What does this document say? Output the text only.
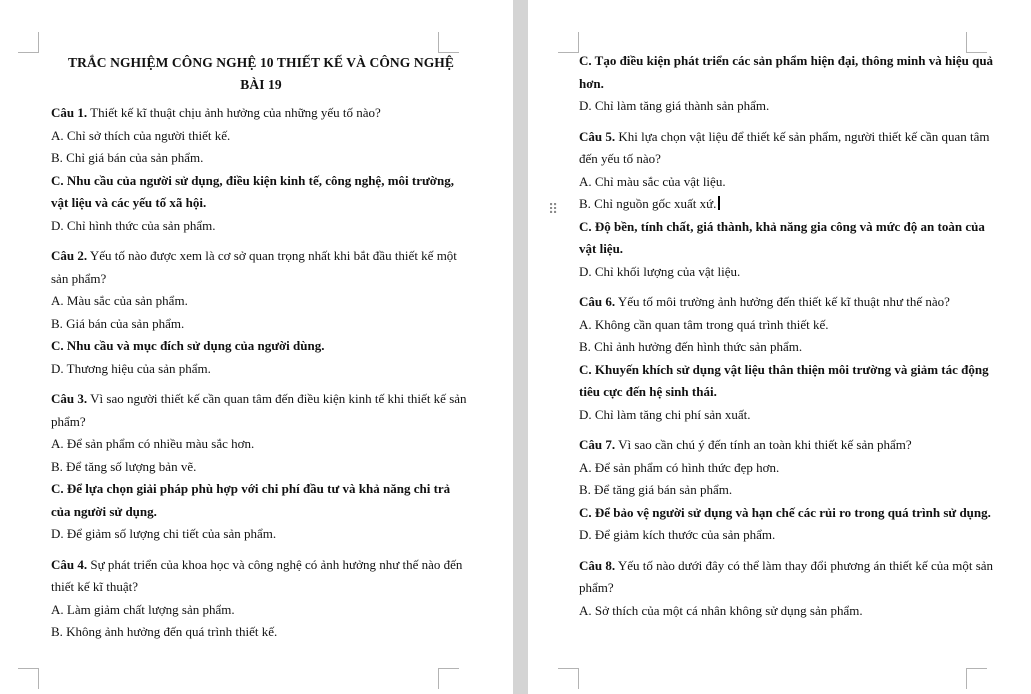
TRẮC NGHIỆM CÔNG NGHỆ 10 THIẾT KẾ VÀ CÔNG NGHỆ

BÀI 19

Câu 1. Thiết kế kĩ thuật chịu ảnh hưởng của những yếu tố nào?

A. Chỉ sở thích của người thiết kế.

B. Chỉ giá bán của sản phẩm.

C. Nhu cầu của người sử dụng, điều kiện kinh tế, công nghệ, môi trường, vật liệu và các yếu tố xã hội.

D. Chỉ hình thức của sản phẩm.

Câu 2. Yếu tố nào được xem là cơ sở quan trọng nhất khi bắt đầu thiết kế một sản phẩm?

A. Màu sắc của sản phẩm.

B. Giá bán của sản phẩm.

C. Nhu cầu và mục đích sử dụng của người dùng.

D. Thương hiệu của sản phẩm.

Câu 3. Vì sao người thiết kế cần quan tâm đến điều kiện kinh tế khi thiết kế sản phẩm?

A. Để sản phẩm có nhiều màu sắc hơn.

B. Để tăng số lượng bản vẽ.

C. Để lựa chọn giải pháp phù hợp với chi phí đầu tư và khả năng chi trả của người sử dụng.

D. Để giảm số lượng chi tiết của sản phẩm.

Câu 4. Sự phát triển của khoa học và công nghệ có ảnh hưởng như thế nào đến thiết kế kĩ thuật?

A. Làm giảm chất lượng sản phẩm.

B. Không ảnh hưởng đến quá trình thiết kế.

⠿

C. Tạo điều kiện phát triển các sản phẩm hiện đại, thông minh và hiệu quả hơn.

D. Chỉ làm tăng giá thành sản phẩm.

Câu 5. Khi lựa chọn vật liệu để thiết kế sản phẩm, người thiết kế cần quan tâm đến yếu tố nào?

A. Chỉ màu sắc của vật liệu.

B. Chỉ nguồn gốc xuất xứ.

C. Độ bền, tính chất, giá thành, khả năng gia công và mức độ an toàn của vật liệu.

D. Chỉ khối lượng của vật liệu.

Câu 6. Yếu tố môi trường ảnh hưởng đến thiết kế kĩ thuật như thế nào?

A. Không cần quan tâm trong quá trình thiết kế.

B. Chỉ ảnh hưởng đến hình thức sản phẩm.

C. Khuyến khích sử dụng vật liệu thân thiện môi trường và giảm tác động tiêu cực đến hệ sinh thái.

D. Chỉ làm tăng chi phí sản xuất.

Câu 7. Vì sao cần chú ý đến tính an toàn khi thiết kế sản phẩm?

A. Để sản phẩm có hình thức đẹp hơn.

B. Để tăng giá bán sản phẩm.

C. Để bảo vệ người sử dụng và hạn chế các rủi ro trong quá trình sử dụng.

D. Để giảm kích thước của sản phẩm.

Câu 8. Yếu tố nào dưới đây có thể làm thay đổi phương án thiết kế của một sản phẩm?

A. Sở thích của một cá nhân không sử dụng sản phẩm.
